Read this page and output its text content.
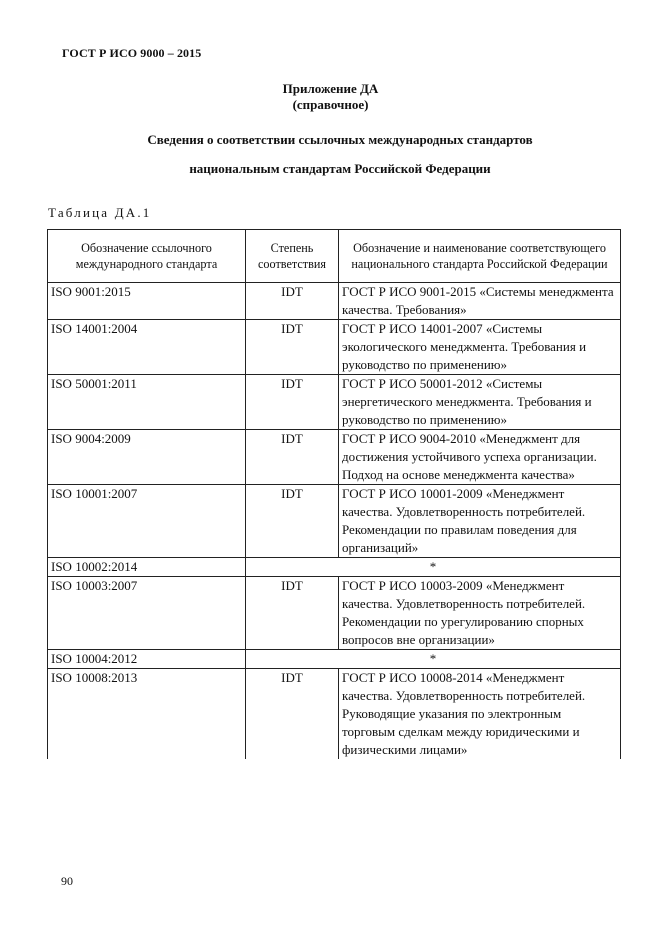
ГОСТ Р ИСО 9000 – 2015
Приложение ДА
(справочное)
Сведения о соответствии ссылочных международных стандартов
национальным стандартам Российской Федерации
Таблица ДА.1
Обозначение ссылочного международного стандарта	Степень соответствия	Обозначение и наименование соответствующего национального стандарта Российской Федерации
ISO 9001:2015	IDT	ГОСТ Р ИСО 9001-2015 «Системы менеджмента качества. Требования»
ISO 14001:2004	IDT	ГОСТ Р ИСО 14001-2007 «Системы экологического менеджмента. Требования и руководство по применению»
ISO 50001:2011	IDT	ГОСТ Р ИСО 50001-2012 «Системы энергетического менеджмента. Требования и руководство по применению»
ISO 9004:2009	IDT	ГОСТ Р ИСО 9004-2010 «Менеджмент для достижения устойчивого успеха организации. Подход на основе менеджмента качества»
ISO 10001:2007	IDT	ГОСТ Р ИСО 10001-2009 «Менеджмент качества. Удовлетворенность потребителей. Рекомендации по правилам поведения для организаций»
ISO 10002:2014	*	
ISO 10003:2007	IDT	ГОСТ Р ИСО 10003-2009 «Менеджмент качества. Удовлетворенность потребителей. Рекомендации по урегулированию спорных вопросов вне организации»
ISO 10004:2012	*	
ISO 10008:2013	IDT	ГОСТ Р ИСО 10008-2014 «Менеджмент качества. Удовлетворенность потребителей. Руководящие указания по электронным торговым сделкам между юридическими и физическими лицами»
90
